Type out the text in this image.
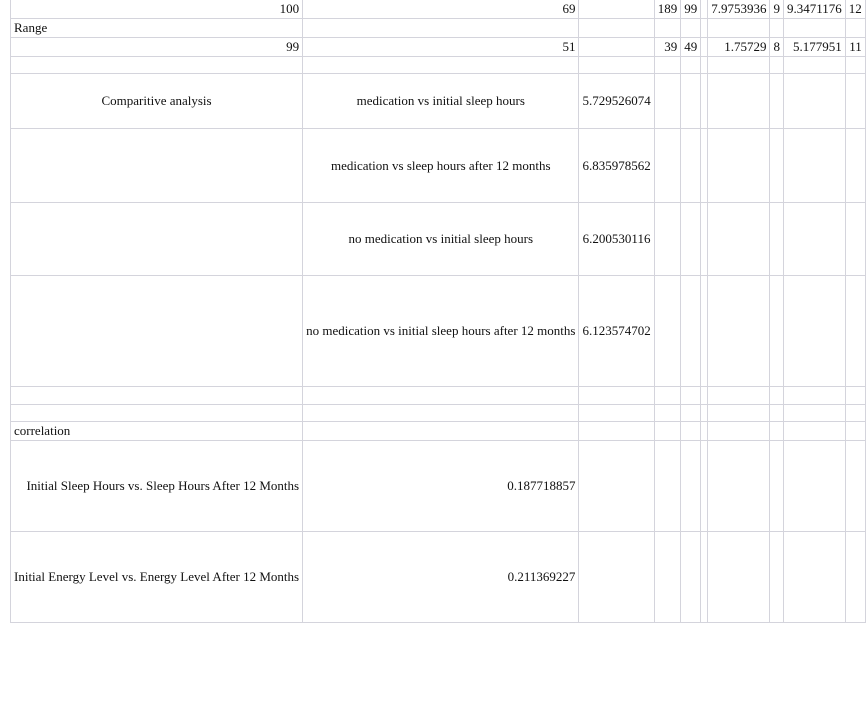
100	69		189	99		7.9753936	9	9.3471176	12
Range									
99	51		39	49		1.75729	8	5.177951	11

Comparitive analysis	medication vs initial sleep hours	5.729526074							
	medication vs sleep hours after 12 months	6.835978562							
	no medication vs initial sleep hours	6.200530116							
	no medication vs initial sleep hours after 12 months	6.123574702							

correlation									
Initial Sleep Hours vs. Sleep Hours After 12 Months	0.187718857								
Initial Energy Level vs. Energy Level After 12 Months	0.211369227								
